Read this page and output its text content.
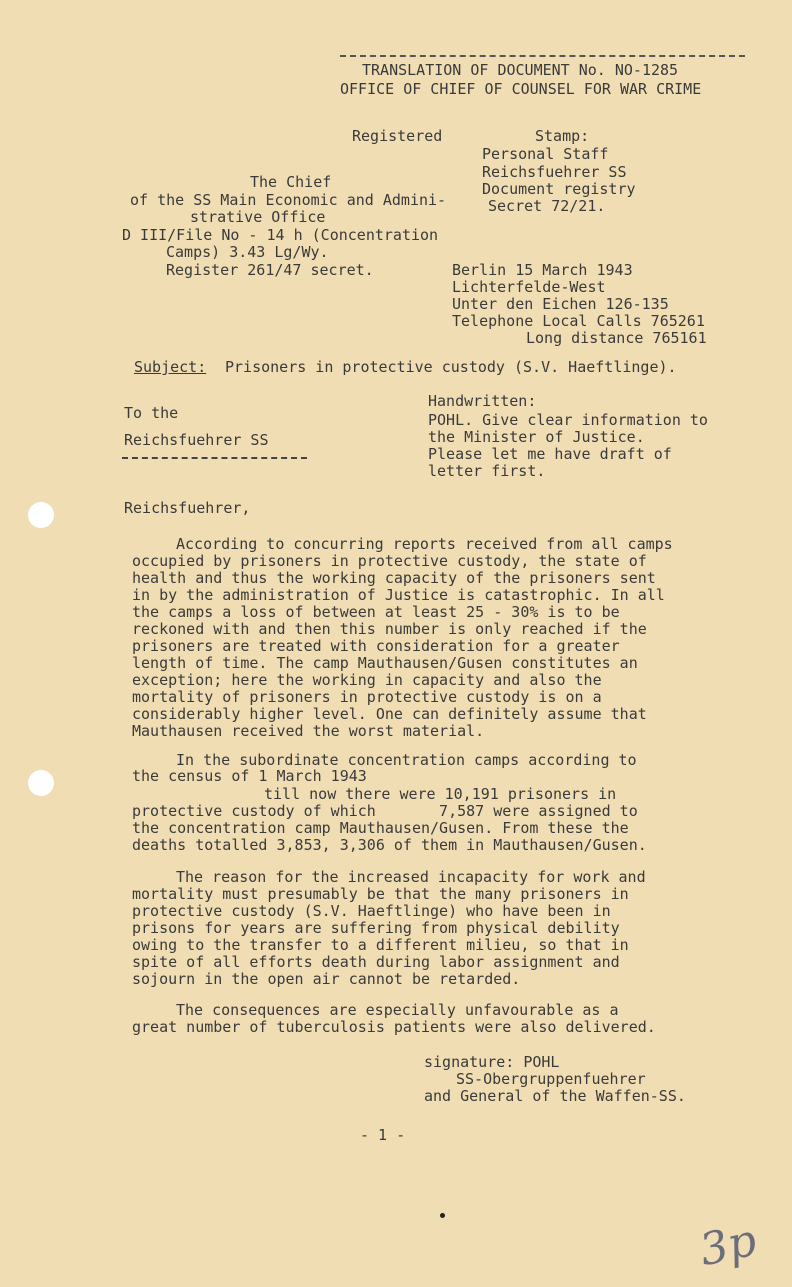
TRANSLATION OF DOCUMENT No. NO-1285
OFFICE OF CHIEF OF COUNSEL FOR WAR CRIME
Registered	Stamp:
Personal Staff
Reichsfuehrer SS
Document registry
Secret 72/21.
The Chief
of the SS Main Economic and Admini-
strative Office
D III/File No - 14 h (Concentration
Camps) 3.43 Lg/Wy.
Register 261/47 secret.	Berlin 15 March 1943
Lichterfelde-West
Unter den Eichen 126-135
Telephone Local Calls 765261
Long distance 765161
Subject: Prisoners in protective custody (S.V. Haeftlinge).
Handwritten:
POHL. Give clear information to
the Minister of Justice.
Please let me have draft of
letter first.
To the
Reichsfuehrer SS
Reichsfuehrer,
According to concurring reports received from all camps
occupied by prisoners in protective custody, the state of
health and thus the working capacity of the prisoners sent
in by the administration of Justice is catastrophic. In all
the camps a loss of between at least 25 - 30% is to be
reckoned with and then this number is only reached if the
prisoners are treated with consideration for a greater
length of time. The camp Mauthausen/Gusen constitutes an
exception; here the working in capacity and also the
mortality of prisoners in protective custody is on a
considerably higher level. One can definitely assume that
Mauthausen received the worst material.
In the subordinate concentration camps according to
the census of 1 March 1943
till now there were 10,191 prisoners in
protective custody of which       7,587 were assigned to
the concentration camp Mauthausen/Gusen. From these the
deaths totalled 3,853, 3,306 of them in Mauthausen/Gusen.
The reason for the increased incapacity for work and
mortality must presumably be that the many prisoners in
protective custody (S.V. Haeftlinge) who have been in
prisons for years are suffering from physical debility
owing to the transfer to a different milieu, so that in
spite of all efforts death during labor assignment and
sojourn in the open air cannot be retarded.
The consequences are especially unfavourable as a
great number of tuberculosis patients were also delivered.
signature: POHL
SS-Obergruppenfuehrer
and General of the Waffen-SS.
- 1 -
3p
